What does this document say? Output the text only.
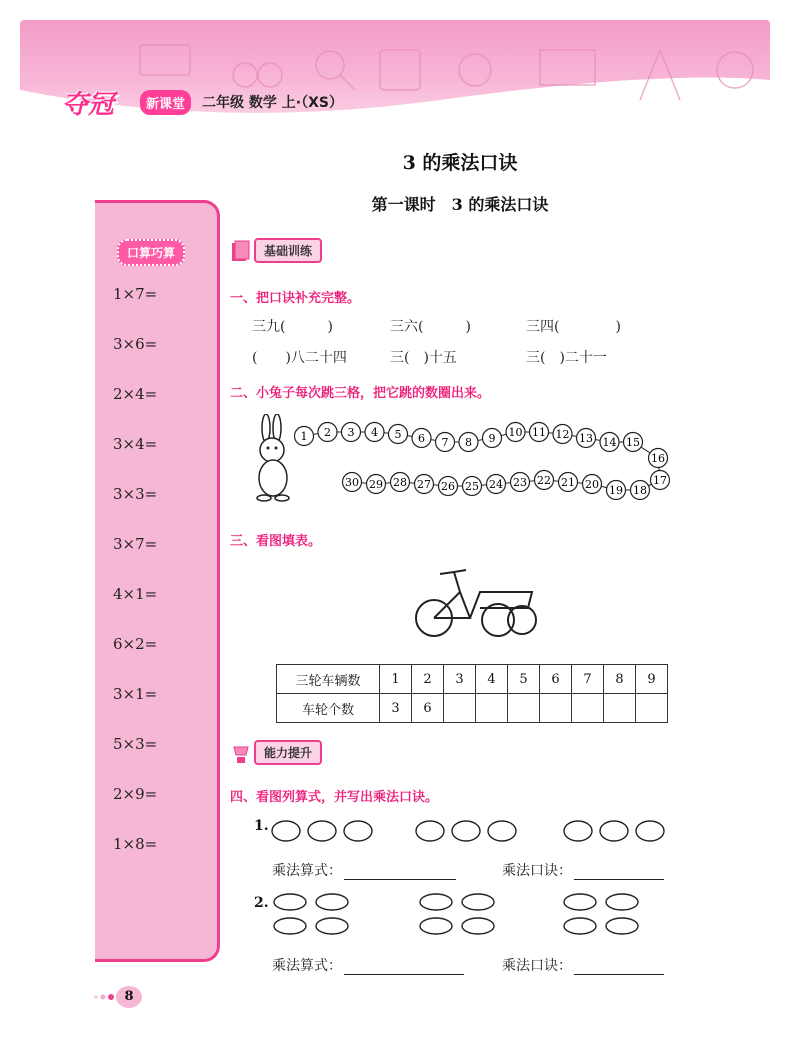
夺冠	新课堂	二年级 数学 上·（XS）
3 的乘法口诀
第一课时　3 的乘法口诀
口算巧算
1×7=
3×6=
2×4=
3×4=
3×3=
3×7=
4×1=
6×2=
3×1=
5×3=
2×9=
1×8=
基础训练
一、把口诀补充完整。
三九(　　　)	三六(　　　)	三四(　　　　)
(　　)八二十四	三(　)十五	三(　)二十一
二、小兔子每次跳三格，把它跳的数圈出来。
1 2 3 4 5 6 7 8 9 10 11 12 13 14 15
16
17
18
19
20
21
22
23
24
25
26
27
28
29
30
三、看图填表。
三轮车辆数	1	2	3	4	5	6	7	8	9
车轮个数	3	6							
能力提升
四、看图列算式，并写出乘法口诀。
1.
乘法算式：	乘法口诀：
2.
乘法算式：	乘法口诀：
8
